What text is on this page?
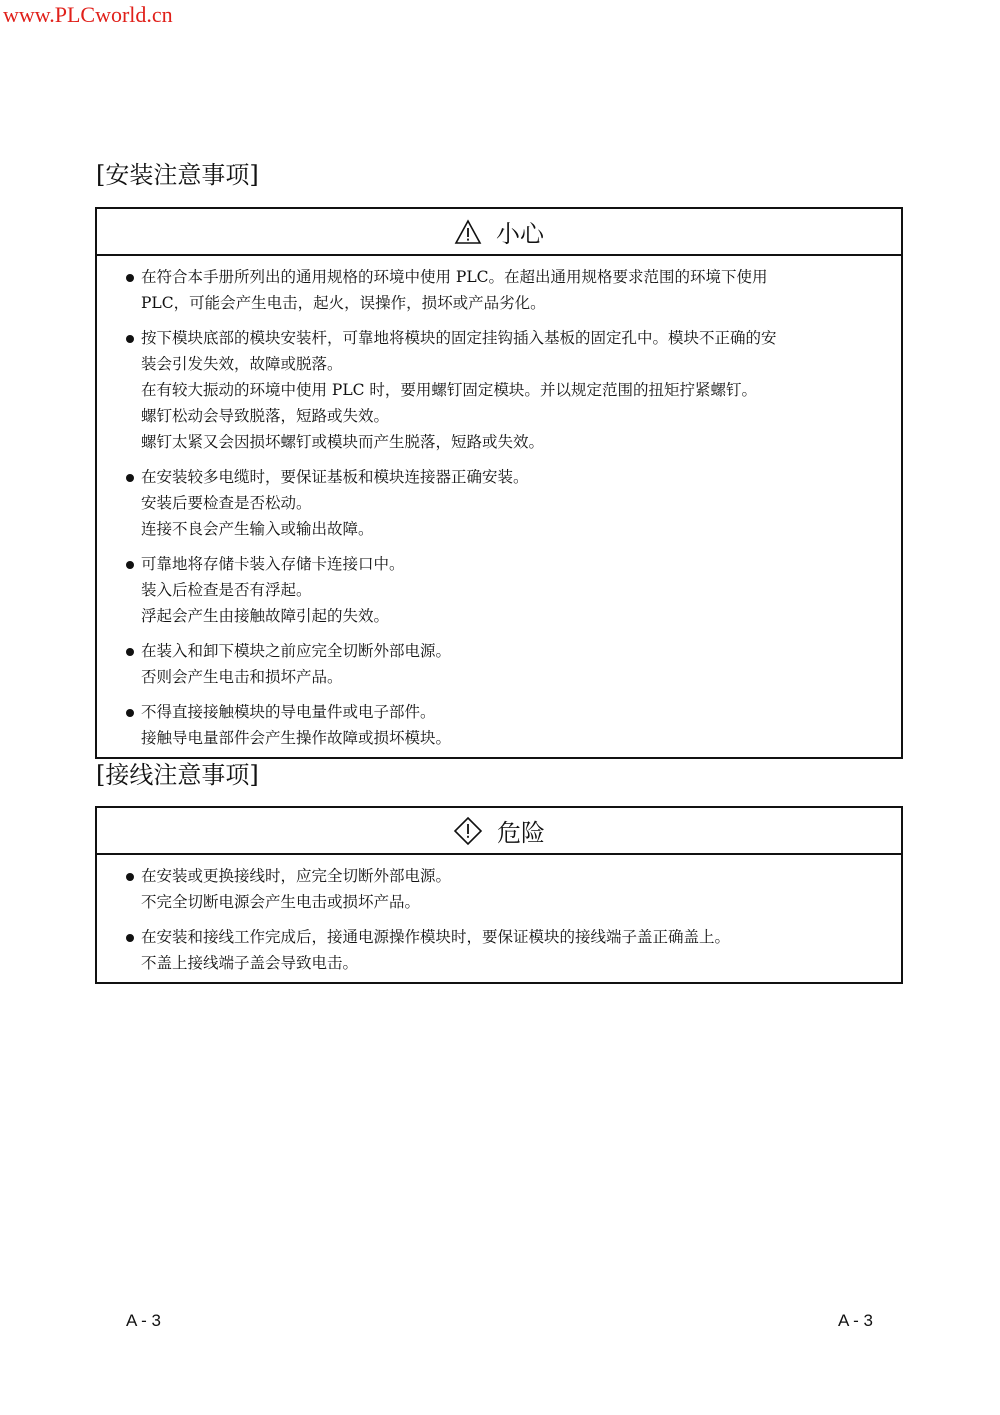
www.PLCworld.cn
[安装注意事项]
小心
在符合本手册所列出的通用规格的环境中使用 PLC。在超出通用规格要求范围的环境下使用
PLC，可能会产生电击，起火，误操作，损坏或产品劣化。
按下模块底部的模块安装杆，可靠地将模块的固定挂钩插入基板的固定孔中。模块不正确的安
装会引发失效，故障或脱落。
在有较大振动的环境中使用 PLC 时，要用螺钉固定模块。并以规定范围的扭矩拧紧螺钉。
螺钉松动会导致脱落，短路或失效。
螺钉太紧又会因损坏螺钉或模块而产生脱落，短路或失效。
在安装较多电缆时，要保证基板和模块连接器正确安装。
安装后要检查是否松动。
连接不良会产生输入或输出故障。
可靠地将存储卡装入存储卡连接口中。
装入后检查是否有浮起。
浮起会产生由接触故障引起的失效。
在装入和卸下模块之前应完全切断外部电源。
否则会产生电击和损坏产品。
不得直接接触模块的导电量件或电子部件。
接触导电量部件会产生操作故障或损坏模块。
[接线注意事项]
危险
在安装或更换接线时，应完全切断外部电源。
不完全切断电源会产生电击或损坏产品。
在安装和接线工作完成后，接通电源操作模块时，要保证模块的接线端子盖正确盖上。
不盖上接线端子盖会导致电击。
A - 3	A - 3
